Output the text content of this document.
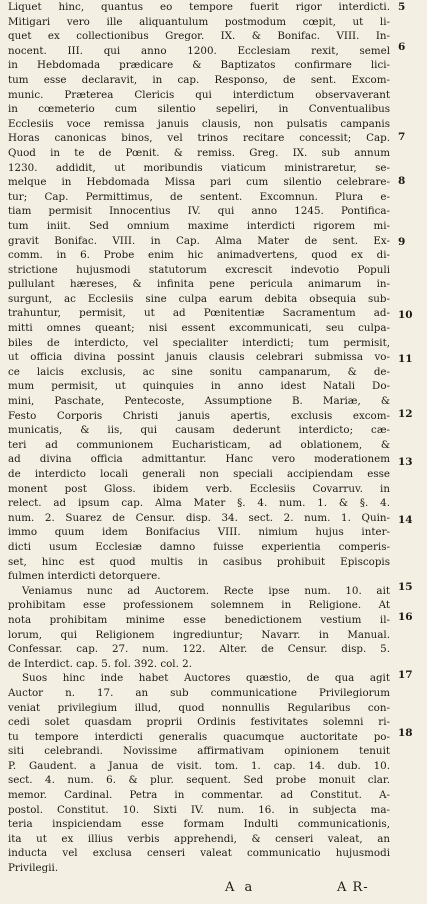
Liquet hinc, quantus eo tempore fuerit rigor interdicti.
Mitigari vero ille aliquantulum postmodum cœpit, ut li-
quet ex collectionibus Gregor. IX. & Bonifac. VIII. In-
nocent. III. qui anno 1200. Ecclesiam rexit, semel
in Hebdomada prædicare & Baptizatos confirmare lici-
tum esse declaravit, in cap. Responso, de sent. Excom-
munic. Præterea Clericis qui interdictum observaverant
in cœmeterio cum silentio sepeliri, in Conventualibus
Ecclesiis voce remissa januis clausis, non pulsatis campanis
Horas canonicas binos, vel trinos recitare concessit; Cap.
Quod in te de Pœnit. & remiss. Greg. IX. sub annum
1230. addidit, ut moribundis viaticum ministraretur, se-
melque in Hebdomada Missa pari cum silentio celebrare-
tur; Cap. Permittimus, de sentent. Excomnun. Plura e-
tiam permisit Innocentius IV. qui anno 1245. Pontifica-
tum iniit. Sed omnium maxime interdicti rigorem mi-
gravit Bonifac. VIII. in Cap. Alma Mater de sent. Ex-
comm. in 6. Probe enim hic animadvertens, quod ex di-
strictione hujusmodi statutorum excrescit indevotio Populi
pullulant hæreses, & infinita pene pericula animarum in-
surgunt, ac Ecclesiis sine culpa earum debita obsequia sub-
trahuntur, permisit, ut ad Pœnitentiæ Sacramentum ad-
mitti omnes queant; nisi essent excommunicati, seu culpa-
biles de interdicto, vel specialiter interdicti; tum permisit,
ut officia divina possint januis clausis celebrari submissa vo-
ce laicis exclusis, ac sine sonitu campanarum, & de-
mum permisit, ut quinquies in anno idest Natali Do-
mini, Paschate, Pentecoste, Assumptione B. Mariæ, &
Festo Corporis Christi januis apertis, exclusis excom-
municatis, & iis, qui causam dederunt interdicto; cæ-
teri ad communionem Eucharisticam, ad oblationem, &
ad divina officia admittantur. Hanc vero moderationem
de interdicto locali generali non speciali accipiendam esse
monent post Gloss. ibidem verb. Ecclesiis Covarruv. in
relect. ad ipsum cap. Alma Mater §. 4. num. 1. & §. 4.
num. 2. Suarez de Censur. disp. 34. sect. 2. num. 1. Quin-
immo quum idem Bonifacius VIII. nimium hujus inter-
dicti usum Ecclesiæ damno fuisse experientia comperis-
set, hinc est quod multis in casibus prohibuit Episcopis
fulmen interdicti detorquere.
Veniamus nunc ad Auctorem. Recte ipse num. 10. ait
prohibitam esse professionem solemnem in Religione. At
nota prohibitam minime esse benedictionem vestium il-
lorum, qui Religionem ingrediuntur; Navarr. in Manual.
Confessar. cap. 27. num. 122. Alter. de Censur. disp. 5.
de Interdict. cap. 5. fol. 392. col. 2.
Suos hinc inde habet Auctores quæstio, de qua agit
Auctor n. 17. an sub communicatione Privilegiorum
veniat privilegium illud, quod nonnullis Regularibus con-
cedi solet quasdam proprii Ordinis festivitates solemni ri-
tu tempore interdicti generalis quacumque auctoritate po-
siti celebrandi. Novissime affirmativam opinionem tenuit
P. Gaudent. a Janua de visit. tom. 1. cap. 14. dub. 10.
sect. 4. num. 6. & plur. sequent. Sed probe monuit clar.
memor. Cardinal. Petra in commentar. ad Constitut. A-
postol. Constitut. 10. Sixti IV. num. 16. in subjecta ma-
teria inspiciendam esse formam Indulti communicationis,
ita ut ex illius verbis apprehendi, & censeri valeat, an
inducta vel exclusa censeri valeat communicatio hujusmodi
Privilegii.
5
6
7
8
9
10
11
12
13
14
15
16
17
18
A a	A R-
